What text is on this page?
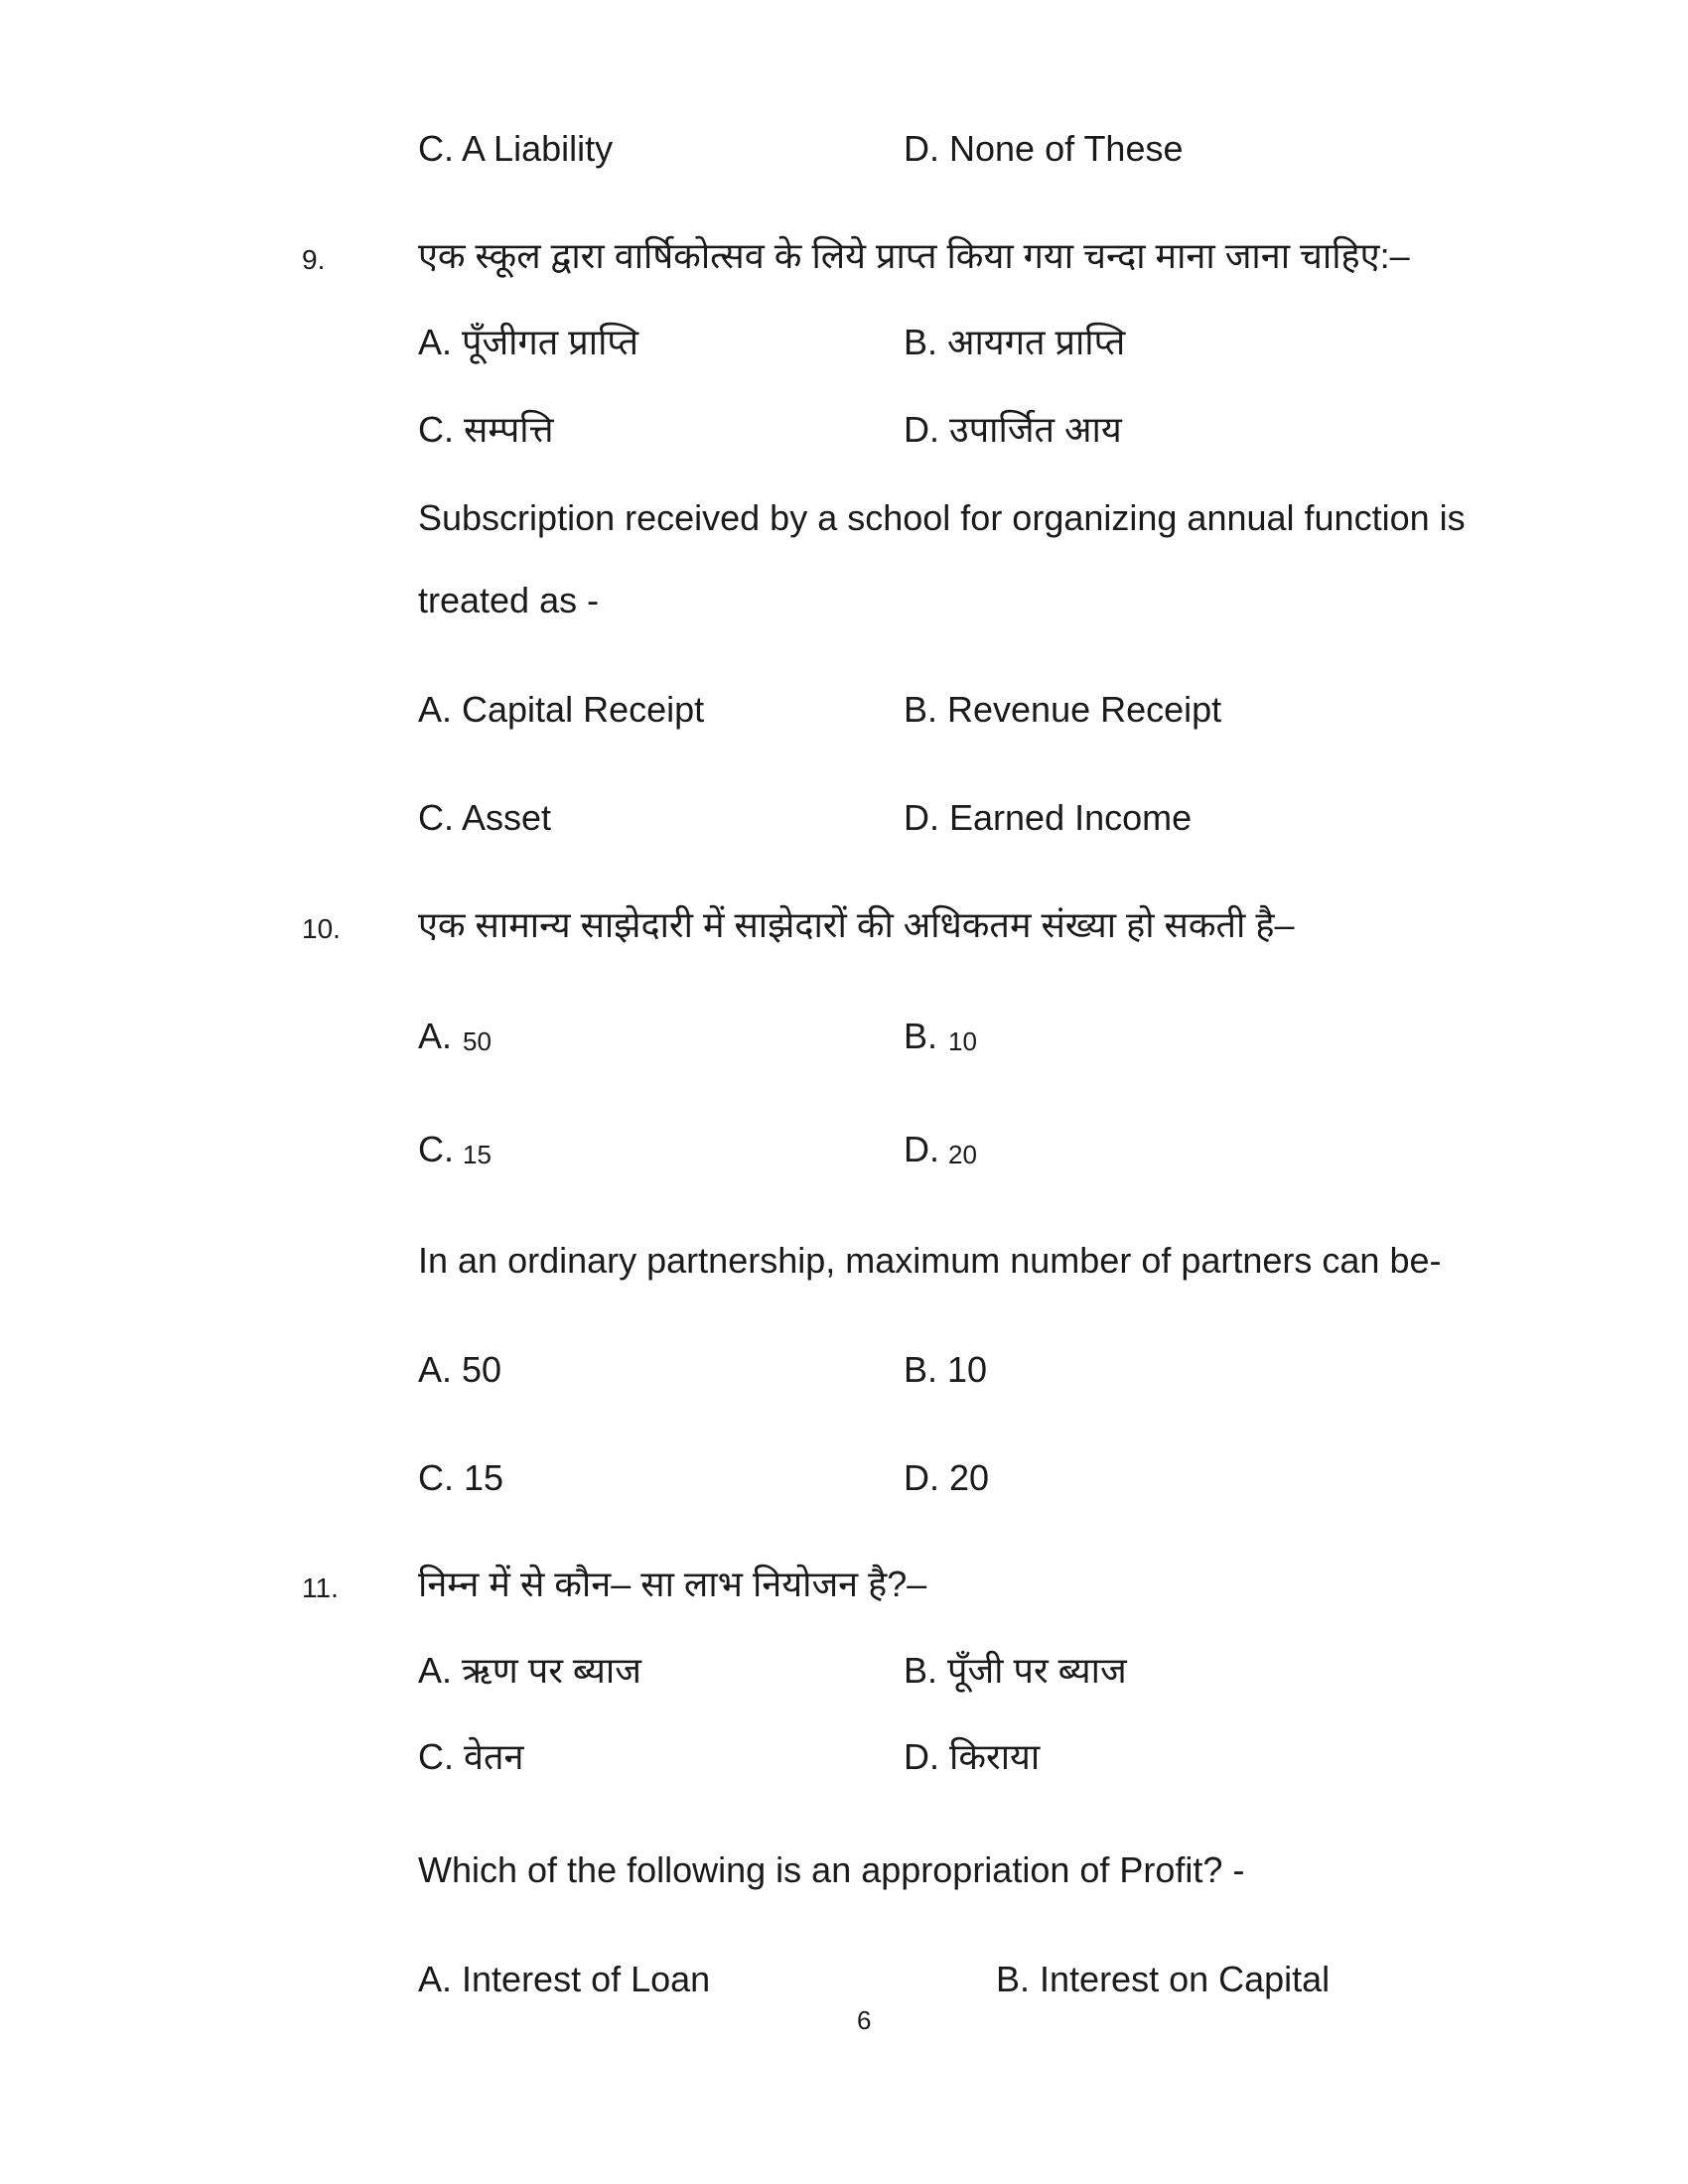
C. A Liability	D. None of These
9.	एक स्कूल द्वारा वार्षिकोत्सव के लिये प्राप्त किया गया चन्दा माना जाना चाहिए:–
A. पूँजीगत प्राप्ति	B. आयगत प्राप्ति
C. सम्पत्ति	D. उपार्जित आय
Subscription received by a school for organizing annual function is
treated as -
A. Capital Receipt	B. Revenue Receipt
C. Asset	D. Earned Income
10. एक सामान्य साझेदारी में साझेदारों की अधिकतम संख्या हो सकती है–
A. 50	B. 10
C. 15	D. 20
In an ordinary partnership, maximum number of partners can be-
A. 50	B. 10
C. 15	D. 20
11. निम्न में से कौन– सा लाभ नियोजन है?–
A. ऋण पर ब्याज	B. पूँजी पर ब्याज
C. वेतन	D. किराया
Which of the following is an appropriation of Profit? -
A. Interest of Loan	B. Interest on Capital
6
